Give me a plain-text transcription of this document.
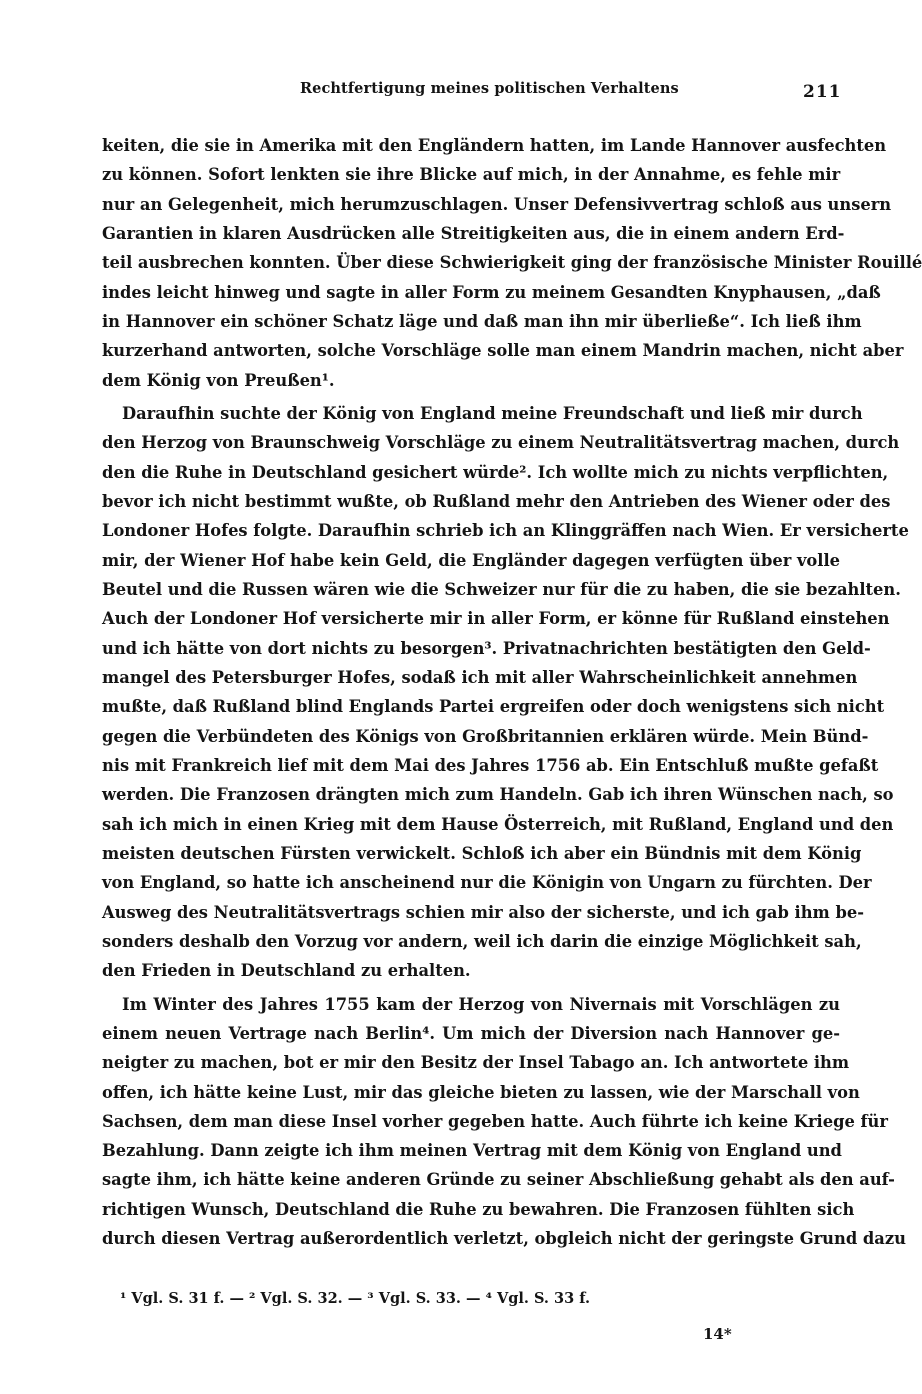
Rechtfertigung meines politischen Verhaltens	211

keiten, die sie in Amerika mit den Engländern hatten, im Lande Hannover ausfechten
zu können. Sofort lenkten sie ihre Blicke auf mich, in der Annahme, es fehle mir
nur an Gelegenheit, mich herumzuschlagen. Unser Defensivvertrag schloß aus unsern
Garantien in klaren Ausdrücken alle Streitigkeiten aus, die in einem andern Erd-
teil ausbrechen konnten. Über diese Schwierigkeit ging der französische Minister Rouillé
indes leicht hinweg und sagte in aller Form zu meinem Gesandten Knyphausen, „daß
in Hannover ein schöner Schatz läge und daß man ihn mir überließe“. Ich ließ ihm
kurzerhand antworten, solche Vorschläge solle man einem Mandrin machen, nicht aber
dem König von Preußen¹.

Daraufhin suchte der König von England meine Freundschaft und ließ mir durch
den Herzog von Braunschweig Vorschläge zu einem Neutralitätsvertrag machen, durch
den die Ruhe in Deutschland gesichert würde². Ich wollte mich zu nichts verpflichten,
bevor ich nicht bestimmt wußte, ob Rußland mehr den Antrieben des Wiener oder des
Londoner Hofes folgte. Daraufhin schrieb ich an Klinggräffen nach Wien. Er versicherte
mir, der Wiener Hof habe kein Geld, die Engländer dagegen verfügten über volle
Beutel und die Russen wären wie die Schweizer nur für die zu haben, die sie bezahlten.
Auch der Londoner Hof versicherte mir in aller Form, er könne für Rußland einstehen
und ich hätte von dort nichts zu besorgen³. Privatnachrichten bestätigten den Geld-
mangel des Petersburger Hofes, sodaß ich mit aller Wahrscheinlichkeit annehmen
mußte, daß Rußland blind Englands Partei ergreifen oder doch wenigstens sich nicht
gegen die Verbündeten des Königs von Großbritannien erklären würde. Mein Bünd-
nis mit Frankreich lief mit dem Mai des Jahres 1756 ab. Ein Entschluß mußte gefaßt
werden. Die Franzosen drängten mich zum Handeln. Gab ich ihren Wünschen nach, so
sah ich mich in einen Krieg mit dem Hause Österreich, mit Rußland, England und den
meisten deutschen Fürsten verwickelt. Schloß ich aber ein Bündnis mit dem König
von England, so hatte ich anscheinend nur die Königin von Ungarn zu fürchten. Der
Ausweg des Neutralitätsvertrags schien mir also der sicherste, und ich gab ihm be-
sonders deshalb den Vorzug vor andern, weil ich darin die einzige Möglichkeit sah,
den Frieden in Deutschland zu erhalten.

Im Winter des Jahres 1755 kam der Herzog von Nivernais mit Vorschlägen zu
einem neuen Vertrage nach Berlin⁴. Um mich der Diversion nach Hannover ge-
neigter zu machen, bot er mir den Besitz der Insel Tabago an. Ich antwortete ihm
offen, ich hätte keine Lust, mir das gleiche bieten zu lassen, wie der Marschall von
Sachsen, dem man diese Insel vorher gegeben hatte. Auch führte ich keine Kriege für
Bezahlung. Dann zeigte ich ihm meinen Vertrag mit dem König von England und
sagte ihm, ich hätte keine anderen Gründe zu seiner Abschließung gehabt als den auf-
richtigen Wunsch, Deutschland die Ruhe zu bewahren. Die Franzosen fühlten sich
durch diesen Vertrag außerordentlich verletzt, obgleich nicht der geringste Grund dazu

¹ Vgl. S. 31 f. — ² Vgl. S. 32. — ³ Vgl. S. 33. — ⁴ Vgl. S. 33 f.
14*
